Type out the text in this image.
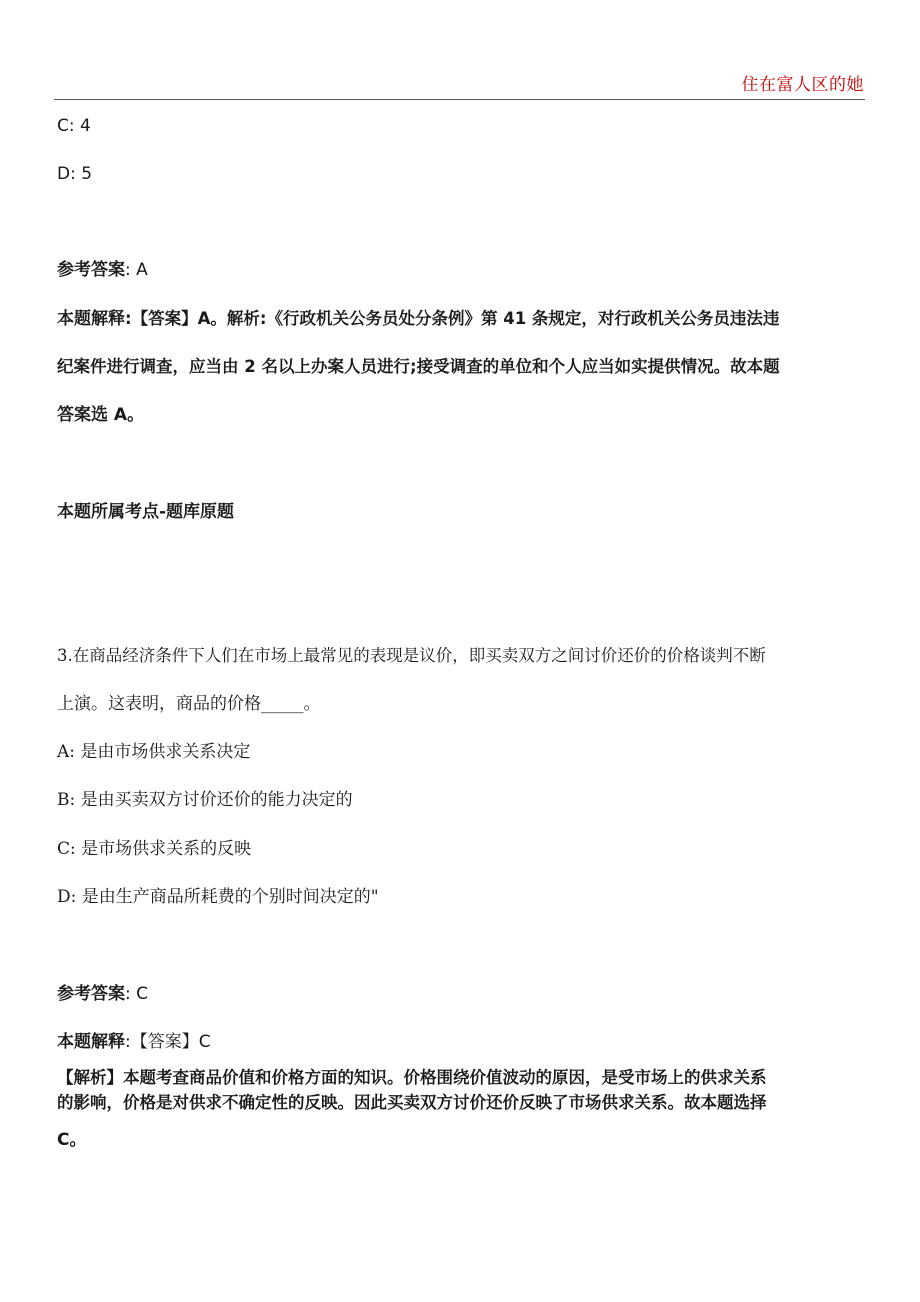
住在富人区的她
C: 4
D: 5
参考答案: A
本题解释:【答案】A。解析:《行政机关公务员处分条例》第 41 条规定，对行政机关公务员违法违
纪案件进行调查，应当由 2 名以上办案人员进行;接受调查的单位和个人应当如实提供情况。故本题
答案选 A。
本题所属考点-题库原题
3.在商品经济条件下人们在市场上最常见的表现是议价，即买卖双方之间讨价还价的价格谈判不断
上演。这表明，商品的价格_____。
A: 是由市场供求关系决定
B: 是由买卖双方讨价还价的能力决定的
C: 是市场供求关系的反映
D: 是由生产商品所耗费的个别时间决定的"
参考答案: C
本题解释:【答案】C
【解析】本题考查商品价值和价格方面的知识。价格围绕价值波动的原因，是受市场上的供求关系
的影响，价格是对供求不确定性的反映。因此买卖双方讨价还价反映了市场供求关系。故本题选择
C。
